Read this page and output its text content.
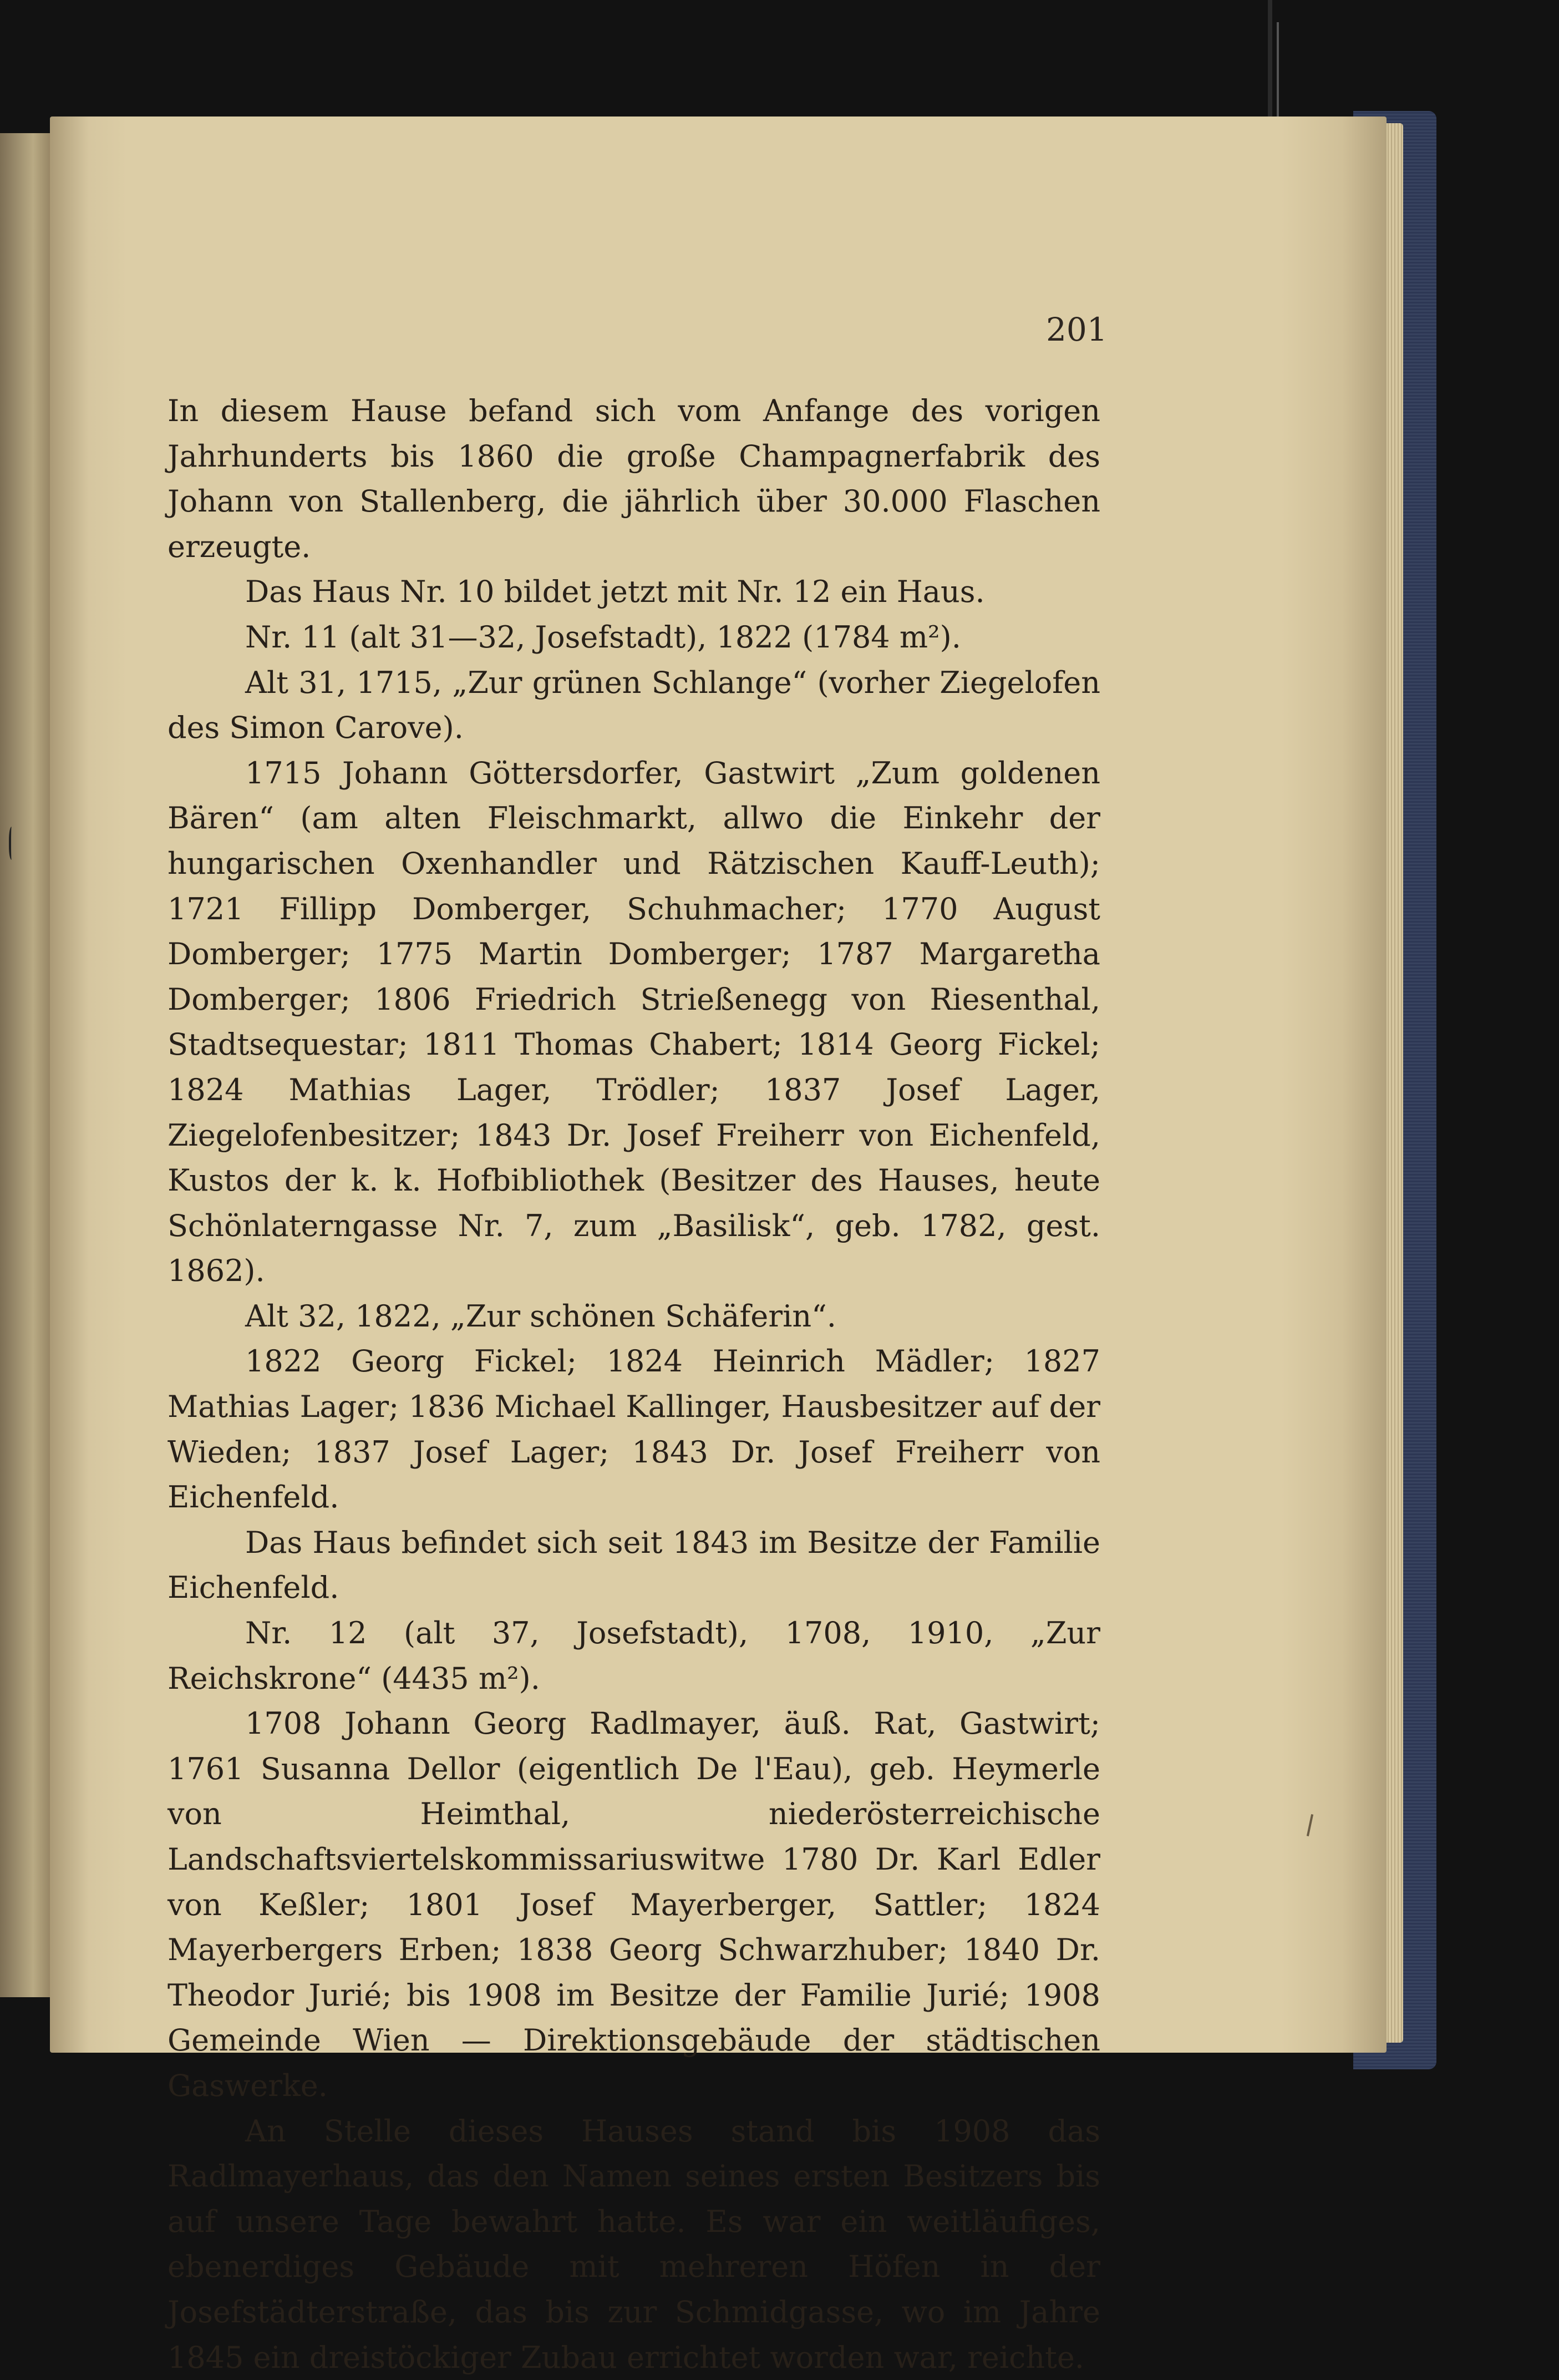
201

In diesem Hause befand sich vom Anfange des vorigen Jahrhunderts bis 1860 die große Champagnerfabrik des Johann von Stallenberg, die jährlich über 30.000 Flaschen erzeugte.

Das Haus Nr. 10 bildet jetzt mit Nr. 12 ein Haus.

Nr. 11 (alt 31—32, Josefstadt), 1822 (1784 m²).

Alt 31, 1715, „Zur grünen Schlange“ (vorher Ziegelofen des Simon Carove).

1715 Johann Göttersdorfer, Gastwirt „Zum goldenen Bären“ (am alten Fleischmarkt, allwo die Einkehr der hungarischen Oxenhandler und Rätzischen Kauff-Leuth); 1721 Fillipp Domberger, Schuhmacher; 1770 August Domberger; 1775 Martin Domberger; 1787 Margaretha Domberger; 1806 Friedrich Strießenegg von Riesenthal, Stadtsequestar; 1811 Thomas Chabert; 1814 Georg Fickel; 1824 Mathias Lager, Trödler; 1837 Josef Lager, Ziegelofenbesitzer; 1843 Dr. Josef Freiherr von Eichenfeld, Kustos der k. k. Hofbibliothek (Besitzer des Hauses, heute Schönlaterngasse Nr. 7, zum „Basilisk“, geb. 1782, gest. 1862).

Alt 32, 1822, „Zur schönen Schäferin“.

1822 Georg Fickel; 1824 Heinrich Mädler; 1827 Mathias Lager; 1836 Michael Kallinger, Hausbesitzer auf der Wieden; 1837 Josef Lager; 1843 Dr. Josef Freiherr von Eichenfeld.

Das Haus befindet sich seit 1843 im Besitze der Familie Eichenfeld.

Nr. 12 (alt 37, Josefstadt), 1708, 1910, „Zur Reichskrone“ (4435 m²).

1708 Johann Georg Radlmayer, äuß. Rat, Gastwirt; 1761 Susanna Dellor (eigentlich De l'Eau), geb. Heymerle von Heimthal, niederösterreichische Landschaftsviertelskommissariuswitwe 1780 Dr. Karl Edler von Keßler; 1801 Josef Mayerberger, Sattler; 1824 Mayerbergers Erben; 1838 Georg Schwarzhuber; 1840 Dr. Theodor Jurié; bis 1908 im Besitze der Familie Jurié; 1908 Gemeinde Wien — Direktionsgebäude der städtischen Gaswerke.

An Stelle dieses Hauses stand bis 1908 das Radlmayerhaus, das den Namen seines ersten Besitzers bis auf unsere Tage bewahrt hatte. Es war ein weitläufiges, ebenerdiges Gebäude mit mehreren Höfen in der Josefstädterstraße, das bis zur Schmidgasse, wo im Jahre 1845 ein dreistöckiger Zubau errichtet worden war, reichte.
